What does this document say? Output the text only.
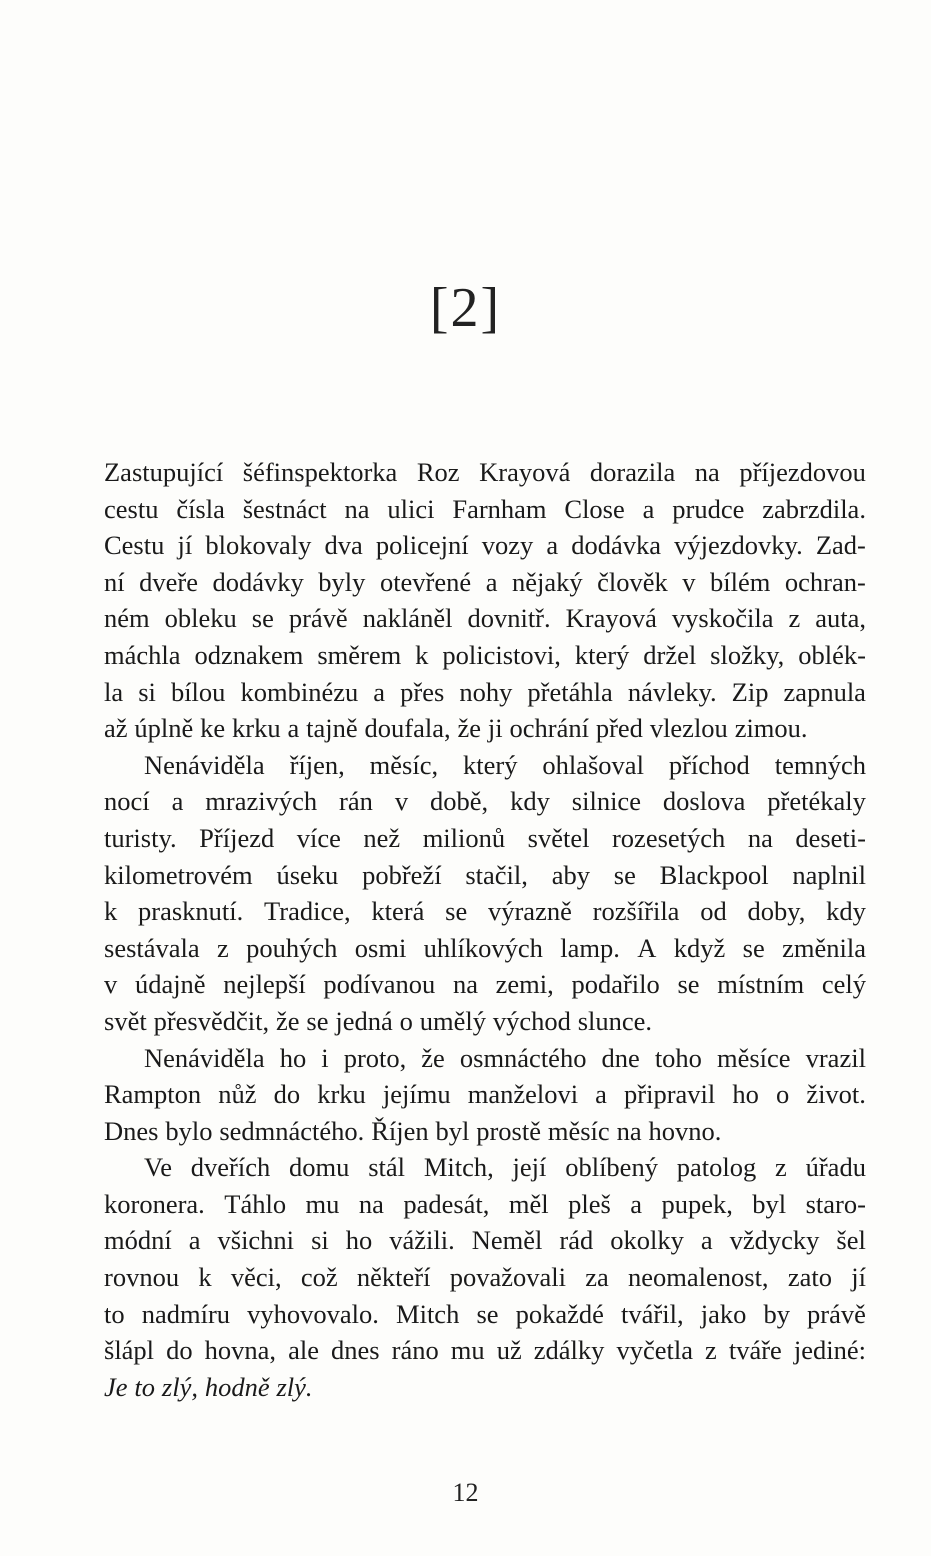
[2]
Zastupující šéfinspektorka Roz Krayová dorazila na příjezdovou
cestu čísla šestnáct na ulici Farnham Close a prudce zabrzdila.
Cestu jí blokovaly dva policejní vozy a dodávka výjezdovky. Zad-
ní dveře dodávky byly otevřené a nějaký člověk v bílém ochran-
ném obleku se právě nakláněl dovnitř. Krayová vyskočila z auta,
máchla odznakem směrem k policistovi, který držel složky, oblék-
la si bílou kombinézu a přes nohy přetáhla návleky. Zip zapnula
až úplně ke krku a tajně doufala, že ji ochrání před vlezlou zimou.
Nenáviděla říjen, měsíc, který ohlašoval příchod temných
nocí a mrazivých rán v době, kdy silnice doslova přetékaly
turisty. Příjezd více než milionů světel rozesetých na deseti-
kilometrovém úseku pobřeží stačil, aby se Blackpool naplnil
k prasknutí. Tradice, která se výrazně rozšířila od doby, kdy
sestávala z pouhých osmi uhlíkových lamp. A když se změnila
v údajně nejlepší podívanou na zemi, podařilo se místním celý
svět přesvědčit, že se jedná o umělý východ slunce.
Nenáviděla ho i proto, že osmnáctého dne toho měsíce vrazil
Rampton nůž do krku jejímu manželovi a připravil ho o život.
Dnes bylo sedmnáctého. Říjen byl prostě měsíc na hovno.
Ve dveřích domu stál Mitch, její oblíbený patolog z úřadu
koronera. Táhlo mu na padesát, měl pleš a pupek, byl staro-
módní a všichni si ho vážili. Neměl rád okolky a vždycky šel
rovnou k věci, což někteří považovali za neomalenost, zato jí
to nadmíru vyhovovalo. Mitch se pokaždé tvářil, jako by právě
šlápl do hovna, ale dnes ráno mu už zdálky vyčetla z tváře jediné:
Je to zlý, hodně zlý.
12
